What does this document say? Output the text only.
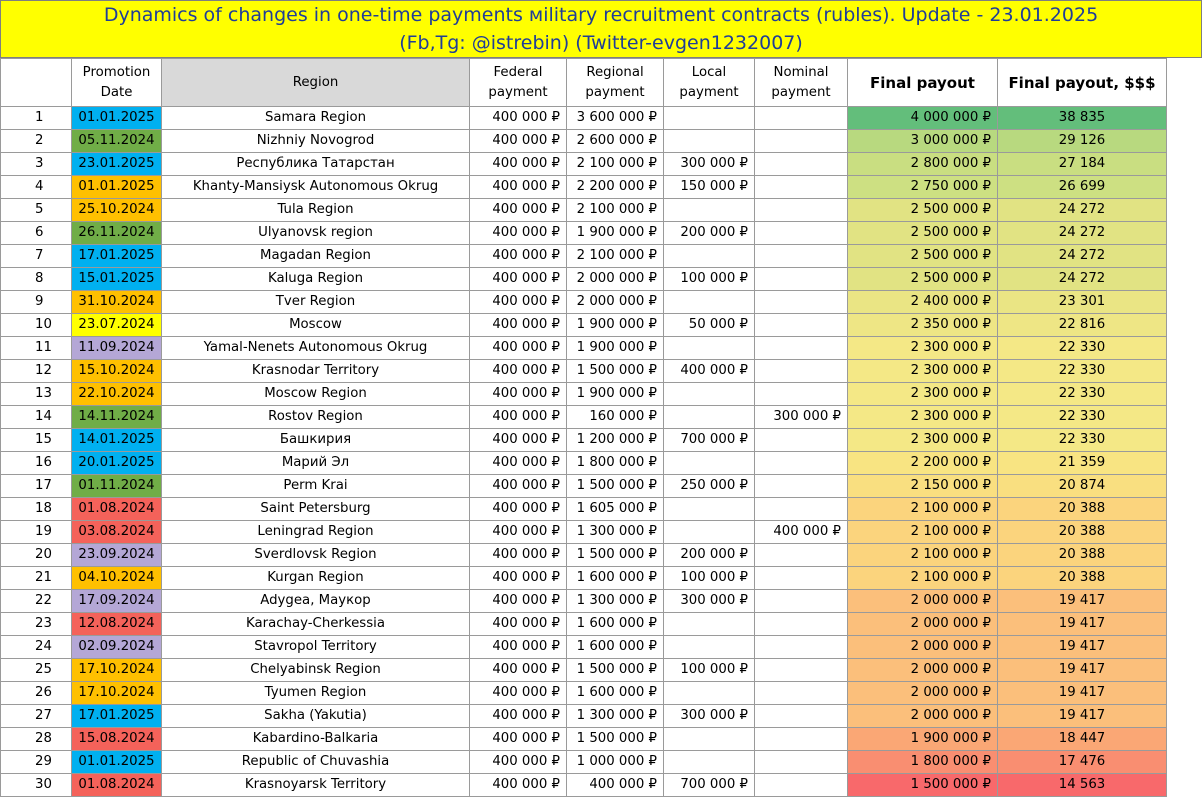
Dynamics of changes in one-time payments мilitary recruitment contracts (rubles). Update - 23.01.2025
(Fb,Tg: @istrebin) (Twitter-evgen1232007)
	Promotion Date	Region	Federal payment	Regional payment	Local payment	Nominal payment	Final payout	Final payout, $$$
1	01.01.2025	Samara Region	400 000 ₽	3 600 000 ₽			4 000 000 ₽	38 835
2	05.11.2024	Nizhniy Novogrod	400 000 ₽	2 600 000 ₽			3 000 000 ₽	29 126
3	23.01.2025	Республика Татарстан	400 000 ₽	2 100 000 ₽	300 000 ₽		2 800 000 ₽	27 184
4	01.01.2025	Khanty-Mansiysk Autonomous Okrug	400 000 ₽	2 200 000 ₽	150 000 ₽		2 750 000 ₽	26 699
5	25.10.2024	Tula Region	400 000 ₽	2 100 000 ₽			2 500 000 ₽	24 272
6	26.11.2024	Ulyanovsk region	400 000 ₽	1 900 000 ₽	200 000 ₽		2 500 000 ₽	24 272
7	17.01.2025	Magadan Region	400 000 ₽	2 100 000 ₽			2 500 000 ₽	24 272
8	15.01.2025	Kaluga Region	400 000 ₽	2 000 000 ₽	100 000 ₽		2 500 000 ₽	24 272
9	31.10.2024	Tver Region	400 000 ₽	2 000 000 ₽			2 400 000 ₽	23 301
10	23.07.2024	Moscow	400 000 ₽	1 900 000 ₽	50 000 ₽		2 350 000 ₽	22 816
11	11.09.2024	Yamal-Nenets Autonomous Okrug	400 000 ₽	1 900 000 ₽			2 300 000 ₽	22 330
12	15.10.2024	Krasnodar Territory	400 000 ₽	1 500 000 ₽	400 000 ₽		2 300 000 ₽	22 330
13	22.10.2024	Moscow Region	400 000 ₽	1 900 000 ₽			2 300 000 ₽	22 330
14	14.11.2024	Rostov Region	400 000 ₽	160 000 ₽		300 000 ₽	2 300 000 ₽	22 330
15	14.01.2025	Башкирия	400 000 ₽	1 200 000 ₽	700 000 ₽		2 300 000 ₽	22 330
16	20.01.2025	Марий Эл	400 000 ₽	1 800 000 ₽			2 200 000 ₽	21 359
17	01.11.2024	Perm Krai	400 000 ₽	1 500 000 ₽	250 000 ₽		2 150 000 ₽	20 874
18	01.08.2024	Saint Petersburg	400 000 ₽	1 605 000 ₽			2 100 000 ₽	20 388
19	03.08.2024	Leningrad Region	400 000 ₽	1 300 000 ₽		400 000 ₽	2 100 000 ₽	20 388
20	23.09.2024	Sverdlovsk Region	400 000 ₽	1 500 000 ₽	200 000 ₽		2 100 000 ₽	20 388
21	04.10.2024	Kurgan Region	400 000 ₽	1 600 000 ₽	100 000 ₽		2 100 000 ₽	20 388
22	17.09.2024	Adygea, Маукор	400 000 ₽	1 300 000 ₽	300 000 ₽		2 000 000 ₽	19 417
23	12.08.2024	Karachay-Cherkessia	400 000 ₽	1 600 000 ₽			2 000 000 ₽	19 417
24	02.09.2024	Stavropol Territory	400 000 ₽	1 600 000 ₽			2 000 000 ₽	19 417
25	17.10.2024	Chelyabinsk Region	400 000 ₽	1 500 000 ₽	100 000 ₽		2 000 000 ₽	19 417
26	17.10.2024	Tyumen Region	400 000 ₽	1 600 000 ₽			2 000 000 ₽	19 417
27	17.01.2025	Sakha (Yakutia)	400 000 ₽	1 300 000 ₽	300 000 ₽		2 000 000 ₽	19 417
28	15.08.2024	Kabardino-Balkaria	400 000 ₽	1 500 000 ₽			1 900 000 ₽	18 447
29	01.01.2025	Republic of Chuvashia	400 000 ₽	1 000 000 ₽			1 800 000 ₽	17 476
30	01.08.2024	Krasnoyarsk Territory	400 000 ₽	400 000 ₽	700 000 ₽		1 500 000 ₽	14 563
